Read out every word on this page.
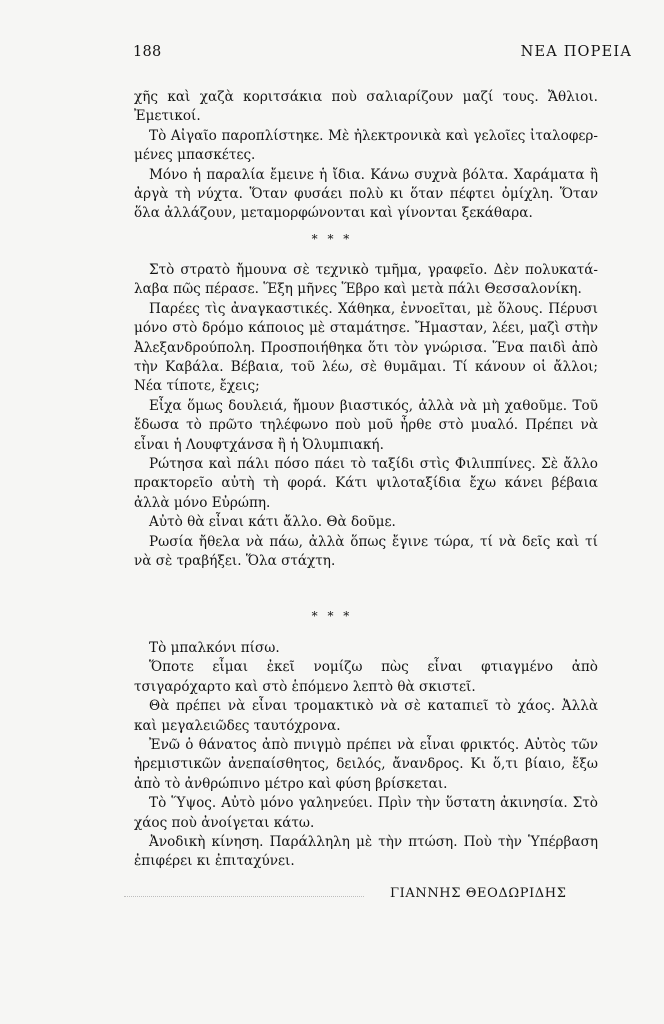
188	ΝΕΑ ΠΟΡΕΙΑ

χῆς καὶ χαζὰ κοριτσάκια ποὺ σαλιαρίζουν μαζί τους. Ἄθλιοι. Ἐμετικοί.

Τὸ Αἰγαῖο παροπλίστηκε. Μὲ ἠλεκτρονικὰ καὶ γελοῖες ἰταλοφερμένες μπασκέτες.

Μόνο ἡ παραλία ἔμεινε ἡ ἴδια. Κάνω συχνὰ βόλτα. Χαράματα ἢ ἀργὰ τὴ νύχτα. Ὅταν φυσάει πολὺ κι ὅταν πέφτει ὀμίχλη. Ὅταν ὅλα ἀλλάζουν, μεταμορφώνονται καὶ γίνονται ξεκάθαρα.

* * *

Στὸ στρατὸ ἤμουνα σὲ τεχνικὸ τμῆμα, γραφεῖο. Δὲν πολυκατάλαβα πῶς πέρασε. Ἕξη μῆνες Ἕβρο καὶ μετὰ πάλι Θεσσαλονίκη.

Παρέες τὶς ἀναγκαστικές. Χάθηκα, ἐννοεῖται, μὲ ὅλους. Πέρυσι μόνο στὸ δρόμο κάποιος μὲ σταμάτησε. Ἤμασταν, λέει, μαζὶ στὴν Ἀλεξανδρούπολη. Προσποιήθηκα ὅτι τὸν γνώρισα. Ἕνα παιδὶ ἀπὸ τὴν Καβάλα. Βέβαια, τοῦ λέω, σὲ θυμᾶμαι. Τί κάνουν οἱ ἄλλοι; Νέα τίποτε, ἔχεις;

Εἶχα ὅμως δουλειά, ἤμουν βιαστικός, ἀλλὰ νὰ μὴ χαθοῦμε. Τοῦ ἔδωσα τὸ πρῶτο τηλέφωνο ποὺ μοῦ ἦρθε στὸ μυαλό. Πρέπει νὰ εἶναι ἡ Λουφτχάνσα ἢ ἡ Ὀλυμπιακή.

Ρώτησα καὶ πάλι πόσο πάει τὸ ταξίδι στὶς Φιλιππίνες. Σὲ ἄλλο πρακτορεῖο αὐτὴ τὴ φορά. Κάτι ψιλοταξίδια ἔχω κάνει βέβαια ἀλλὰ μόνο Εὐρώπη.

Αὐτὸ θὰ εἶναι κάτι ἄλλο. Θὰ δοῦμε.

Ρωσία ἤθελα νὰ πάω, ἀλλὰ ὅπως ἔγινε τώρα, τί νὰ δεῖς καὶ τί νὰ σὲ τραβήξει. Ὅλα στάχτη.

* * *

Τὸ μπαλκόνι πίσω.

Ὅποτε εἶμαι ἐκεῖ νομίζω πὼς εἶναι φτιαγμένο ἀπὸ τσιγαρόχαρτο καὶ στὸ ἑπόμενο λεπτὸ θὰ σκιστεῖ.

Θὰ πρέπει νὰ εἶναι τρομακτικὸ νὰ σὲ καταπιεῖ τὸ χάος. Ἀλλὰ καὶ μεγαλειῶδες ταυτόχρονα.

Ἐνῶ ὁ θάνατος ἀπὸ πνιγμὸ πρέπει νὰ εἶναι φρικτός. Αὐτὸς τῶν ἠρεμιστικῶν ἀνεπαίσθητος, δειλός, ἄνανδρος. Κι ὅ,τι βίαιο, ἔξω ἀπὸ τὸ ἀνθρώπινο μέτρο καὶ φύση βρίσκεται.

Τὸ Ὕψος. Αὐτὸ μόνο γαληνεύει. Πρὶν τὴν ὕστατη ἀκινησία. Στὸ χάος ποὺ ἀνοίγεται κάτω.

Ἀνοδικὴ κίνηση. Παράλληλη μὲ τὴν πτώση. Ποὺ τὴν Ὑπέρβαση ἐπιφέρει κι ἐπιταχύνει.

ΓΙΑΝΝΗΣ ΘΕΟΔΩΡΙΔΗΣ
